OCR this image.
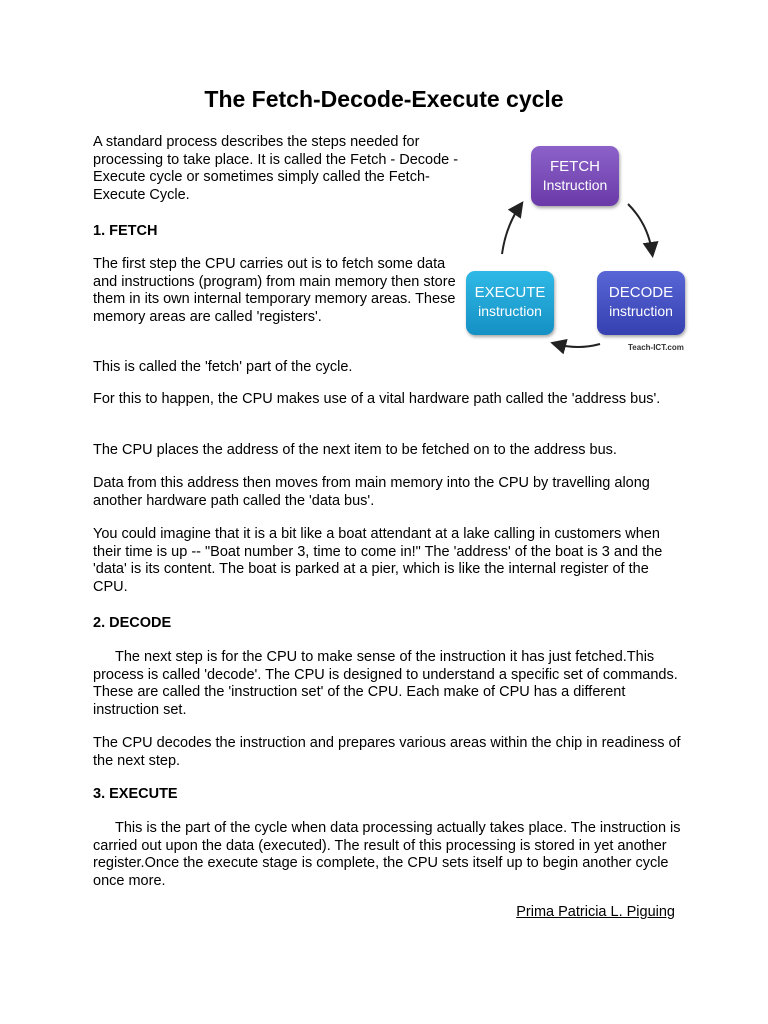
The Fetch-Decode-Execute cycle

A standard process describes the steps needed for processing to take place. It is called the Fetch - Decode - Execute cycle or sometimes simply called the Fetch-Execute Cycle.

1. FETCH

The first step the CPU carries out is to fetch some data and instructions (program) from main memory then store them in its own internal temporary memory areas. These memory areas are called 'registers'.

This is called the 'fetch' part of the cycle.

For this to happen, the CPU makes use of a vital hardware path called the 'address bus'.

The CPU places the address of the next item to be fetched on to the address bus.

Data from this address then moves from main memory into the CPU by travelling along another hardware path called the 'data bus'.

You could imagine that it is a bit like a boat attendant at a lake calling in customers when their time is up -- "Boat number 3, time to come in!" The 'address' of the boat is 3 and the 'data' is its content. The boat is parked at a pier, which is like the internal register of the CPU.

2. DECODE

The next step is for the CPU to make sense of the instruction it has just fetched.This process is called 'decode'. The CPU is designed to understand a specific set of commands. These are called the 'instruction set' of the CPU. Each make of CPU has a different instruction set.

The CPU decodes the instruction and prepares various areas within the chip in readiness of the next step.

3. EXECUTE

This is the part of the cycle when data processing actually takes place. The instruction is carried out upon the data (executed). The result of this processing is stored in yet another register.Once the execute stage is complete, the CPU sets itself up to begin another cycle once more.

Prima Patricia L. Piguing

FETCH
Instruction
DECODE
instruction
EXECUTE
instruction
Teach-ICT.com
